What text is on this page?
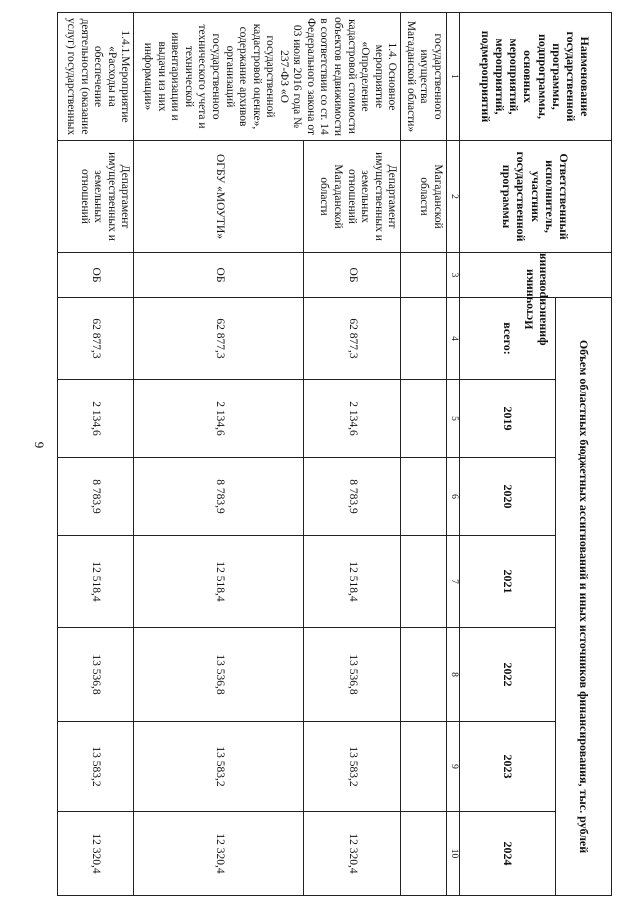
9
Наименование государственной программы, подпрограммы, основных мероприятий, мероприятий, подмероприятий	Ответственный исполнитель, участник государственной программы	Источники финансирования	Объем областных бюджетных ассигнований и иных источников финансирования, тыс. рублей						
			всего:	2019	2020	2021	2022	2023	2024
1	2	3	4	5	6	7	8	9	10
государственного имущества Магаданской области»	Магаданской области								
1.4. Основное мероприятие «Определение кадастровой стоимости объектов недвижимости в соответствии со ст. 14 Федерального закона от 03 июля 2016 года № 237-ФЗ «О государственной кадастровой оценке», содержание архивов организаций государственного технического учета и технической инвентаризации и выдачи из них информации»	Департамент имущественных и земельных отношений Магаданской области	ОБ	62 877,3	2 134,6	8 783,9	12 518,4	13 536,8	13 583,2	12 320,4
	ОГБУ «МОУТИ»	ОБ	62 877,3	2 134,6	8 783,9	12 518,4	13 536,8	13 583,2	12 320,4
1.4.1.Мероприятие «Расходы на обеспечение деятельности (оказание услуг) государственных	Департамент имущественных и земельных отношений	ОБ	62 877,3	2 134,6	8 783,9	12 518,4	13 536,8	13 583,2	12 320,4
